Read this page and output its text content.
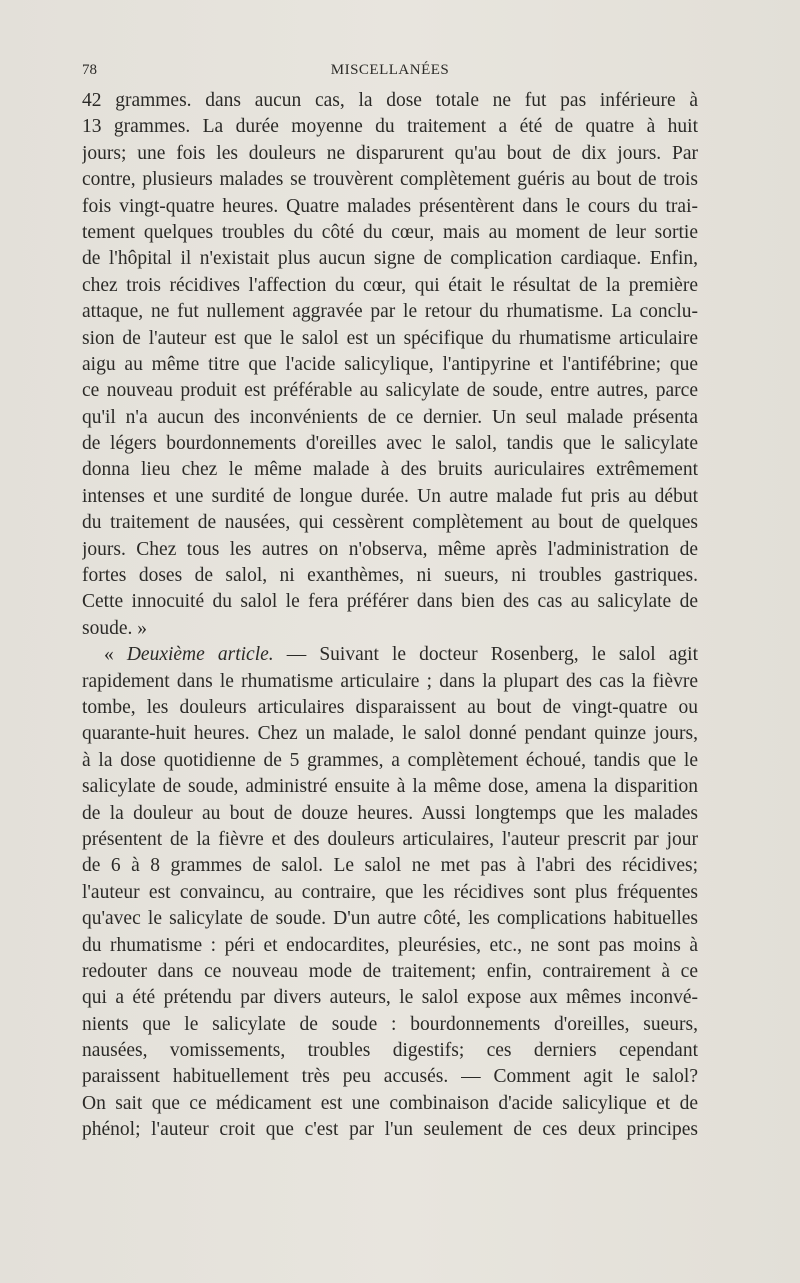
78	MISCELLANÉES
42 grammes. dans aucun cas, la dose totale ne fut pas inférieure à
13 grammes. La durée moyenne du traitement a été de quatre à huit
jours; une fois les douleurs ne disparurent qu'au bout de dix jours. Par
contre, plusieurs malades se trouvèrent complètement guéris au bout de trois
fois vingt-quatre heures. Quatre malades présentèrent dans le cours du trai-
tement quelques troubles du côté du cœur, mais au moment de leur sortie
de l'hôpital il n'existait plus aucun signe de complication cardiaque. Enfin,
chez trois récidives l'affection du cœur, qui était le résultat de la première
attaque, ne fut nullement aggravée par le retour du rhumatisme. La conclu-
sion de l'auteur est que le salol est un spécifique du rhumatisme articulaire
aigu au même titre que l'acide salicylique, l'antipyrine et l'antifébrine; que
ce nouveau produit est préférable au salicylate de soude, entre autres, parce
qu'il n'a aucun des inconvénients de ce dernier. Un seul malade présenta
de légers bourdonnements d'oreilles avec le salol, tandis que le salicylate
donna lieu chez le même malade à des bruits auriculaires extrêmement
intenses et une surdité de longue durée. Un autre malade fut pris au début
du traitement de nausées, qui cessèrent complètement au bout de quelques
jours. Chez tous les autres on n'observa, même après l'administration de
fortes doses de salol, ni exanthèmes, ni sueurs, ni troubles gastriques.
Cette innocuité du salol le fera préférer dans bien des cas au salicylate de
soude. »
« Deuxième article. — Suivant le docteur Rosenberg, le salol agit
rapidement dans le rhumatisme articulaire ; dans la plupart des cas la fièvre
tombe, les douleurs articulaires disparaissent au bout de vingt-quatre ou
quarante-huit heures. Chez un malade, le salol donné pendant quinze jours,
à la dose quotidienne de 5 grammes, a complètement échoué, tandis que le
salicylate de soude, administré ensuite à la même dose, amena la disparition
de la douleur au bout de douze heures. Aussi longtemps que les malades
présentent de la fièvre et des douleurs articulaires, l'auteur prescrit par jour
de 6 à 8 grammes de salol. Le salol ne met pas à l'abri des récidives;
l'auteur est convaincu, au contraire, que les récidives sont plus fréquentes
qu'avec le salicylate de soude. D'un autre côté, les complications habituelles
du rhumatisme : péri et endocardites, pleurésies, etc., ne sont pas moins à
redouter dans ce nouveau mode de traitement; enfin, contrairement à ce
qui a été prétendu par divers auteurs, le salol expose aux mêmes inconvé-
nients que le salicylate de soude : bourdonnements d'oreilles, sueurs,
nausées, vomissements, troubles digestifs; ces derniers cependant
paraissent habituellement très peu accusés. — Comment agit le salol?
On sait que ce médicament est une combinaison d'acide salicylique et de
phénol; l'auteur croit que c'est par l'un seulement de ces deux principes
